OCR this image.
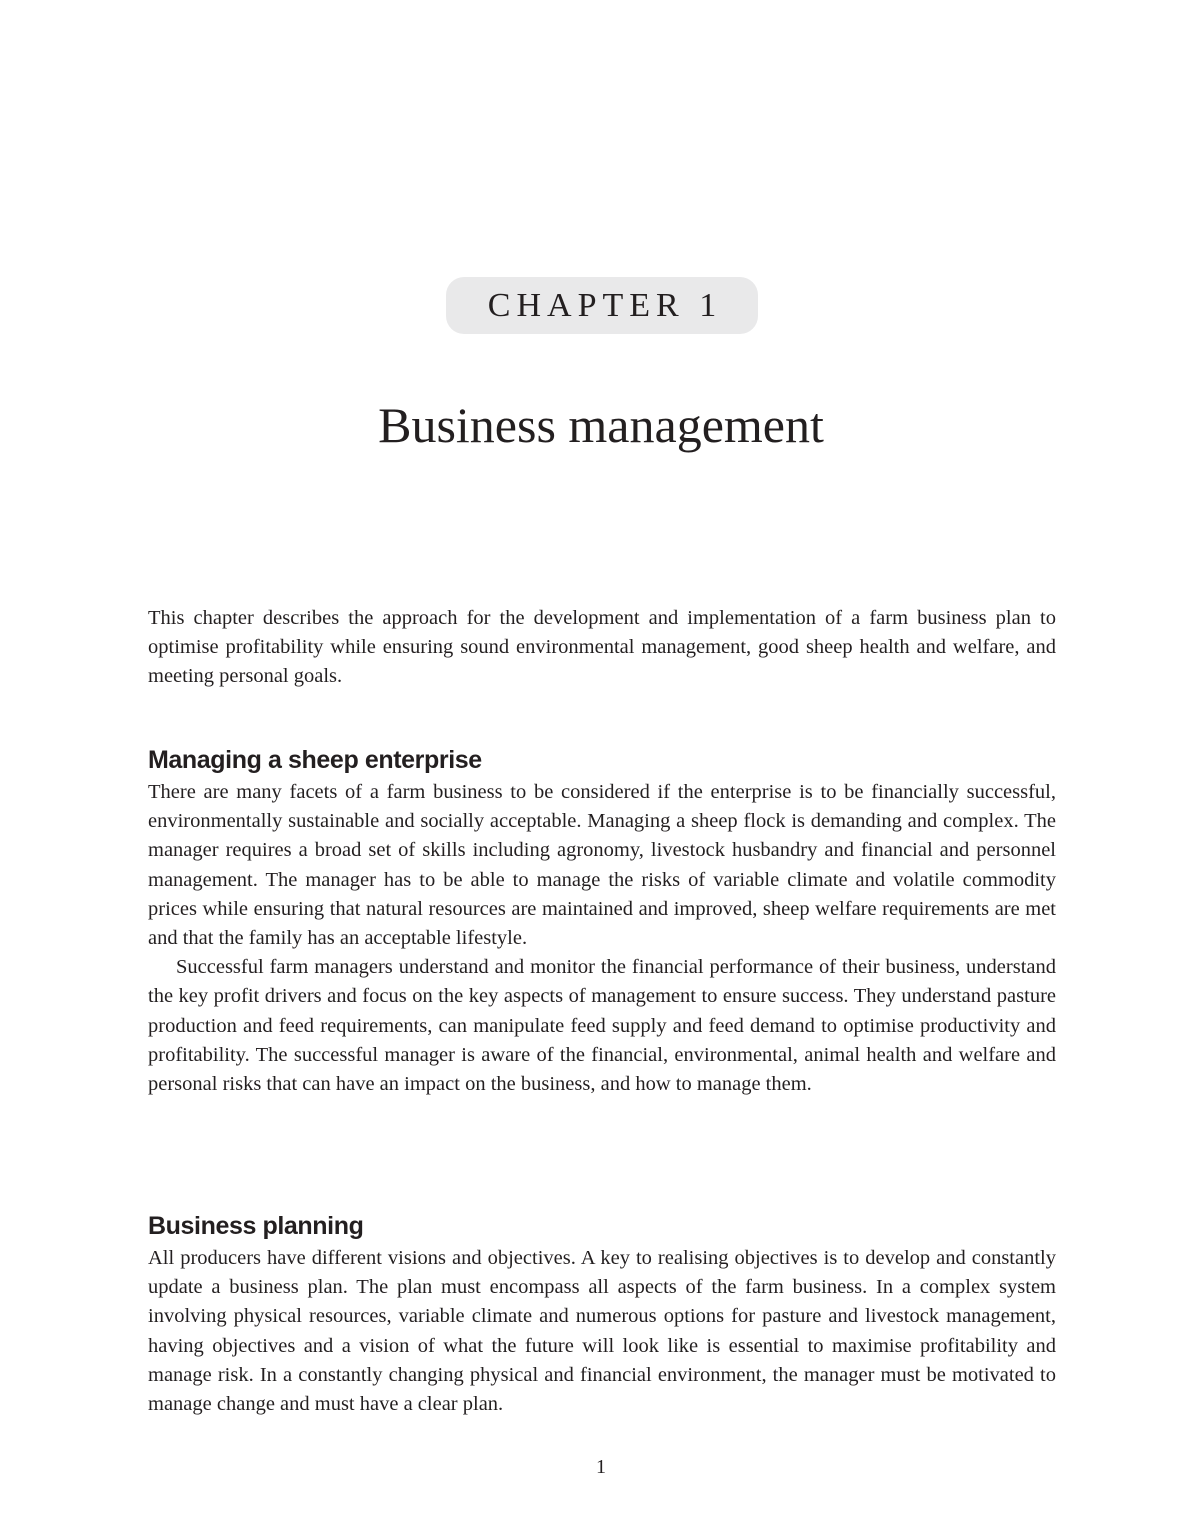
CHAPTER 1
Business management

This chapter describes the approach for the development and implementation of a farm business plan to optimise profitability while ensuring sound environmental management, good sheep health and welfare, and meeting personal goals.

Managing a sheep enterprise

There are many facets of a farm business to be considered if the enterprise is to be financially successful, environmentally sustainable and socially acceptable. Managing a sheep flock is demanding and complex. The manager requires a broad set of skills including agronomy, livestock husbandry and financial and personnel management. The manager has to be able to manage the risks of variable climate and volatile commodity prices while ensuring that natural resources are maintained and improved, sheep welfare requirements are met and that the family has an acceptable lifestyle.

Successful farm managers understand and monitor the financial performance of their business, understand the key profit drivers and focus on the key aspects of management to ensure success. They understand pasture production and feed requirements, can manipulate feed supply and feed demand to optimise productivity and profitability. The successful manager is aware of the financial, environmental, animal health and welfare and personal risks that can have an impact on the business, and how to manage them.

Business planning

All producers have different visions and objectives. A key to realising objectives is to develop and constantly update a business plan. The plan must encompass all aspects of the farm business. In a complex system involving physical resources, variable climate and numerous options for pasture and livestock management, having objectives and a vision of what the future will look like is essential to maximise profitability and manage risk. In a constantly changing physical and financial environment, the manager must be motivated to manage change and must have a clear plan.

1
